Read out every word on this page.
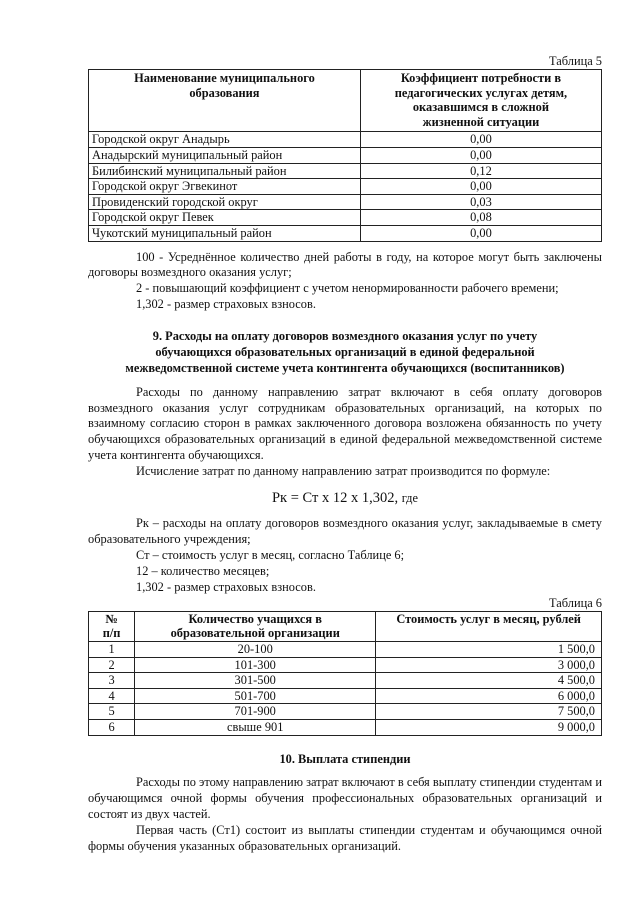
Таблица 5

Наименование муниципального образования	Коэффициент потребности в педагогических услугах детям, оказавшимся в сложной жизненной ситуации
Городской округ Анадырь	0,00
Анадырский муниципальный район	0,00
Билибинский муниципальный район	0,12
Городской округ Эгвекинот	0,00
Провиденский городской округ	0,03
Городской округ Певек	0,08
Чукотский муниципальный район	0,00

100 - Усреднённое количество дней работы в году, на которое могут быть заключены договоры возмездного оказания услуг;

2 - повышающий коэффициент с учетом ненормированности рабочего времени;

1,302 - размер страховых взносов.

9. Расходы на оплату договоров возмездного оказания услуг по учету обучающихся образовательных организаций в единой федеральной межведомственной системе учета контингента обучающихся (воспитанников)

Расходы по данному направлению затрат включают в себя оплату договоров возмездного оказания услуг сотрудникам образовательных организаций, на которых по взаимному согласию сторон в рамках заключенного договора возложена обязанность по учету обучающихся образовательных организаций в единой федеральной межведомственной системе учета контингента обучающихся.

Исчисление затрат по данному направлению затрат производится по формуле:

Рк = Ст х 12 х 1,302, где

Рк – расходы на оплату договоров возмездного оказания услуг, закладываемые в смету образовательного учреждения;

Ст – стоимость услуг в месяц, согласно Таблице 6;

12 – количество месяцев;

1,302 - размер страховых взносов.

Таблица 6

№ п/п	Количество учащихся в образовательной организации	Стоимость услуг в месяц, рублей
1	20-100	1 500,0
2	101-300	3 000,0
3	301-500	4 500,0
4	501-700	6 000,0
5	701-900	7 500,0
6	свыше 901	9 000,0

10. Выплата стипендии

Расходы по этому направлению затрат включают в себя выплату стипендии студентам и обучающимся очной формы обучения профессиональных образовательных организаций и состоят из двух частей.

Первая часть (Ст1) состоит из выплаты стипендии студентам и обучающимся очной формы обучения указанных образовательных организаций.
